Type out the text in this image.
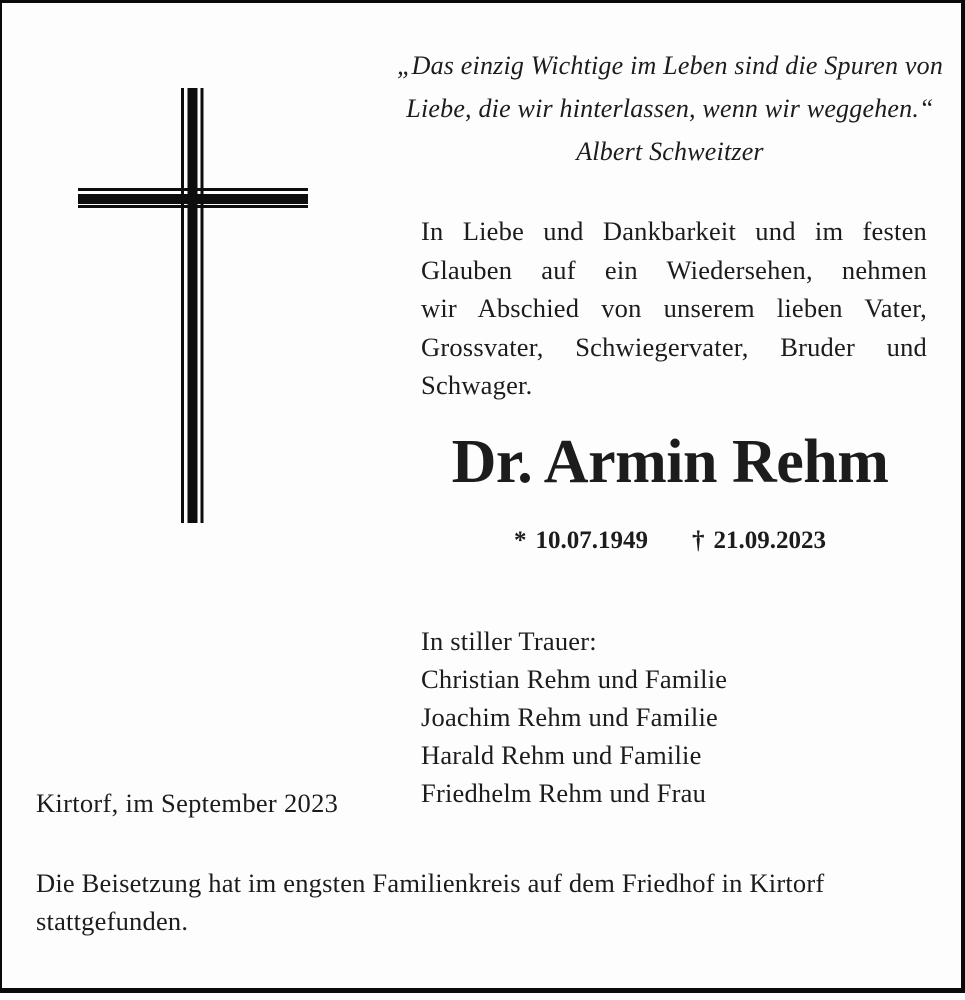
„Das einzig Wichtige im Leben sind die Spuren von
Liebe, die wir hinterlassen, wenn wir weggehen.“
Albert Schweitzer
In Liebe und Dankbarkeit und im festen
Glauben auf ein Wiedersehen, nehmen
wir Abschied von unserem lieben Vater,
Grossvater, Schwiegervater, Bruder und
Schwager.
Dr. Armin Rehm
* 10.07.1949 † 21.09.2023
In stiller Trauer:
Christian Rehm und Familie
Joachim Rehm und Familie
Harald Rehm und Familie
Friedhelm Rehm und Frau
Kirtorf, im September 2023
Die Beisetzung hat im engsten Familienkreis auf dem Friedhof in Kirtorf
stattgefunden.
